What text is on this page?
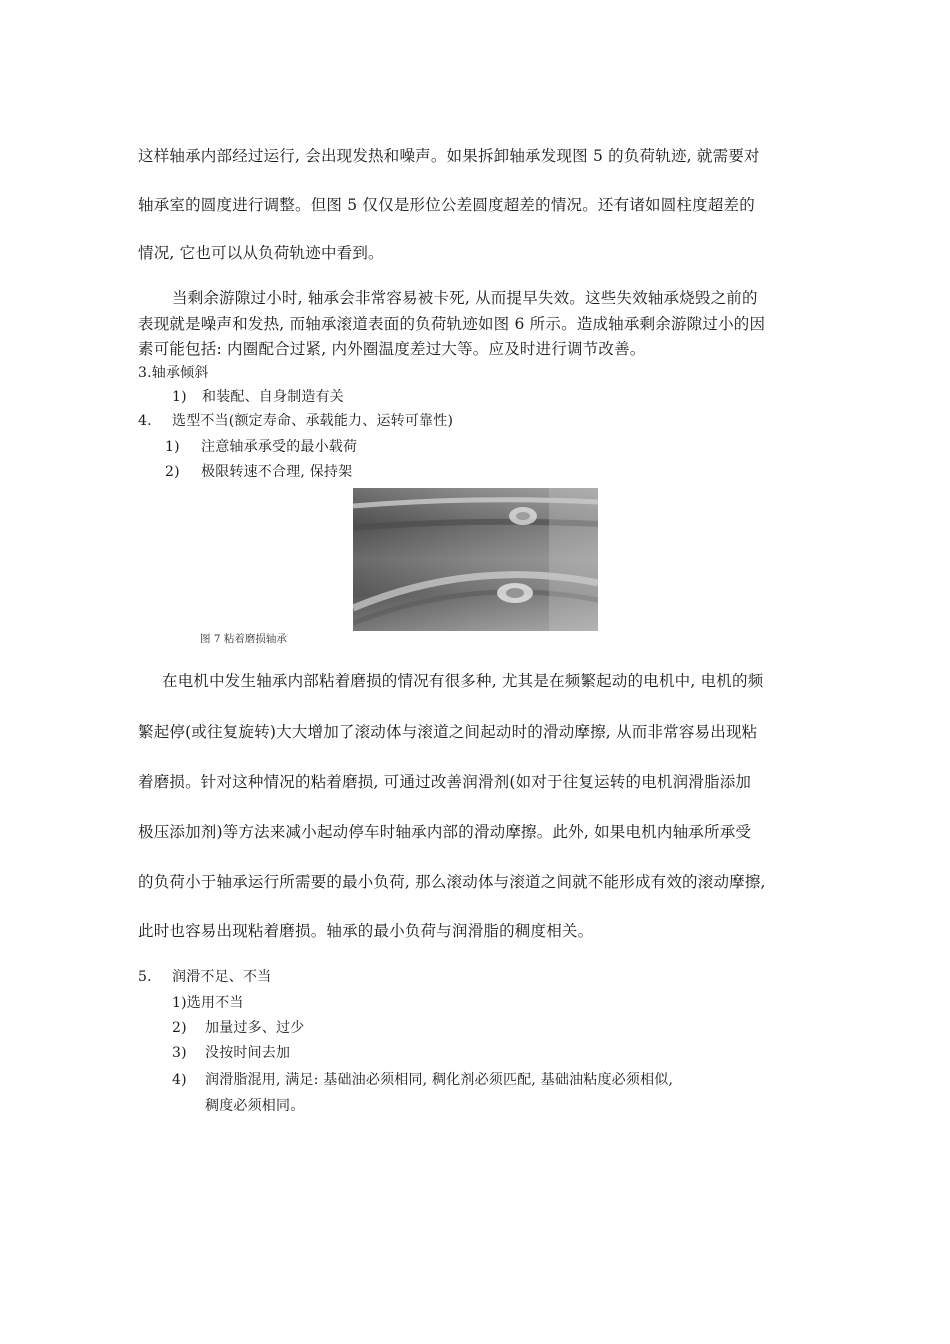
这样轴承内部经过运行, 会出现发热和噪声。如果拆卸轴承发现图 5 的负荷轨迹, 就需要对
轴承室的圆度进行调整。但图 5 仅仅是形位公差圆度超差的情况。还有诸如圆柱度超差的
情况, 它也可以从负荷轨迹中看到。
当剩余游隙过小时, 轴承会非常容易被卡死, 从而提早失效。这些失效轴承烧毁之前的
表现就是噪声和发热, 而轴承滚道表面的负荷轨迹如图 6 所示。造成轴承剩余游隙过小的因
素可能包括: 内圈配合过紧, 内外圈温度差过大等。应及时进行调节改善。
3.轴承倾斜
1) 和装配、自身制造有关
4. 选型不当(额定寿命、承载能力、运转可靠性)
1) 注意轴承承受的最小载荷
2) 极限转速不合理, 保持架
图 7 粘着磨损轴承
在电机中发生轴承内部粘着磨损的情况有很多种, 尤其是在频繁起动的电机中, 电机的频
繁起停(或往复旋转)大大增加了滚动体与滚道之间起动时的滑动摩擦, 从而非常容易出现粘
着磨损。针对这种情况的粘着磨损, 可通过改善润滑剂(如对于往复运转的电机润滑脂添加
极压添加剂)等方法来减小起动停车时轴承内部的滑动摩擦。此外, 如果电机内轴承所承受
的负荷小于轴承运行所需要的最小负荷, 那么滚动体与滚道之间就不能形成有效的滚动摩擦,
此时也容易出现粘着磨损。轴承的最小负荷与润滑脂的稠度相关。
5. 润滑不足、不当
1)选用不当
2) 加量过多、过少
3) 没按时间去加
4) 润滑脂混用, 满足: 基础油必须相同, 稠化剂必须匹配, 基础油粘度必须相似,
稠度必须相同。
